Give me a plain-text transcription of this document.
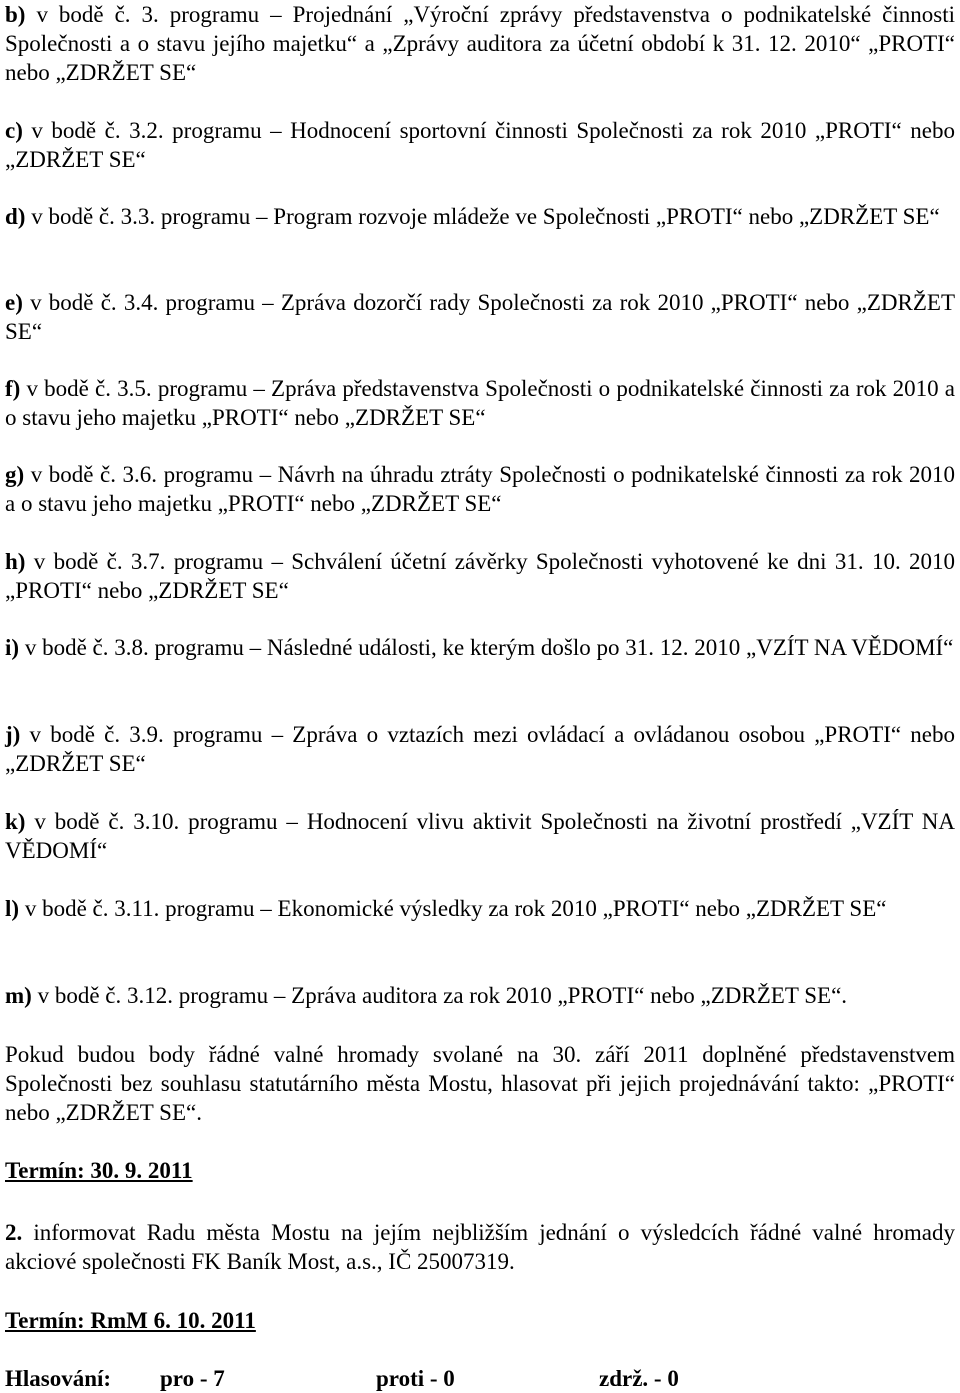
b) v bodě č. 3. programu – Projednání „Výroční zprávy představenstva o podnikatelské činnosti Společnosti a o stavu jejího majetku“ a „Zprávy auditora za účetní období k 31. 12. 2010“ „PROTI“ nebo „ZDRŽET SE“

c) v bodě č. 3.2. programu – Hodnocení sportovní činnosti Společnosti za rok 2010 „PROTI“ nebo „ZDRŽET SE“

d) v bodě č. 3.3. programu – Program rozvoje mládeže ve Společnosti „PROTI“ nebo „ZDRŽET SE“

e) v bodě č. 3.4. programu – Zpráva dozorčí rady Společnosti za rok 2010 „PROTI“ nebo „ZDRŽET SE“

f) v bodě č. 3.5. programu – Zpráva představenstva Společnosti o podnikatelské činnosti za rok 2010 a o stavu jeho majetku „PROTI“ nebo „ZDRŽET SE“

g) v bodě č. 3.6. programu – Návrh na úhradu ztráty Společnosti o podnikatelské činnosti za rok 2010 a o stavu jeho majetku „PROTI“ nebo „ZDRŽET SE“

h) v bodě č. 3.7. programu – Schválení účetní závěrky Společnosti vyhotovené ke dni 31. 10. 2010 „PROTI“ nebo „ZDRŽET SE“

i) v bodě č. 3.8. programu – Následné události, ke kterým došlo po 31. 12. 2010 „VZÍT NA VĚDOMÍ“

j) v bodě č. 3.9. programu – Zpráva o vztazích mezi ovládací a ovládanou osobou „PROTI“ nebo „ZDRŽET SE“

k) v bodě č. 3.10. programu – Hodnocení vlivu aktivit Společnosti na životní prostředí „VZÍT NA VĚDOMÍ“

l) v bodě č. 3.11. programu – Ekonomické výsledky za rok 2010 „PROTI“ nebo „ZDRŽET SE“

m) v bodě č. 3.12. programu – Zpráva auditora za rok 2010 „PROTI“ nebo „ZDRŽET SE“.

Pokud budou body řádné valné hromady svolané na 30. září 2011 doplněné představenstvem Společnosti bez souhlasu statutárního města Mostu, hlasovat při jejich projednávání takto: „PROTI“ nebo „ZDRŽET SE“.

Termín: 30. 9. 2011

2. informovat Radu města Mostu na jejím nejbližším jednání o výsledcích řádné valné hromady akciové společnosti FK Baník Most, a.s., IČ 25007319.

Termín: RmM 6. 10. 2011

Hlasování: pro - 7	proti - 0	zdrž. - 0
